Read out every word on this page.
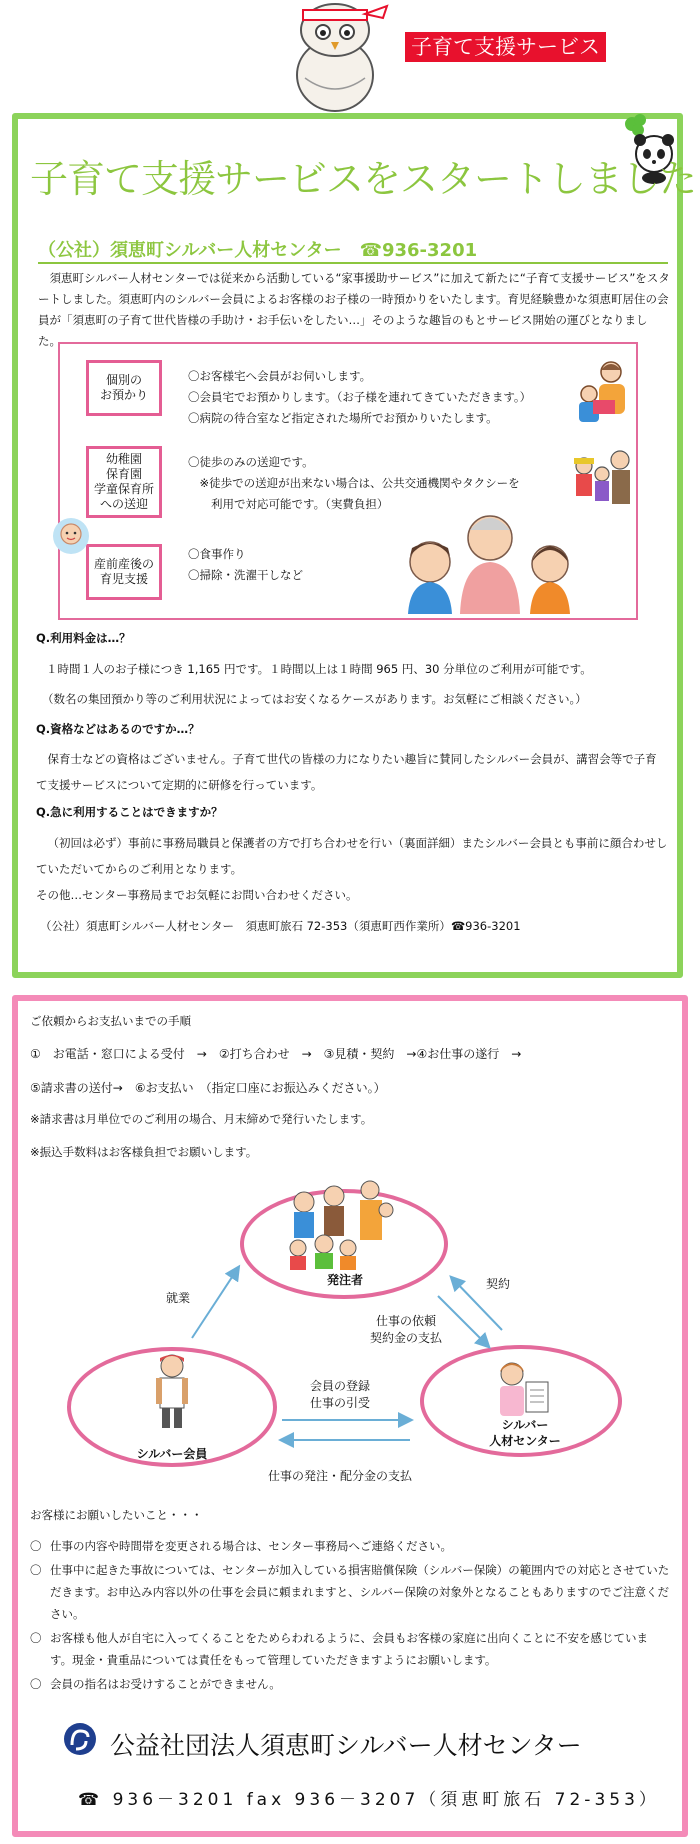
子育て支援サービス
子育て支援サービスをスタートしました
（公社）須恵町シルバー人材センター　☎936-3201
須恵町シルバー人材センターでは従来から活動している“家事援助サービス”に加えて新たに“子育て支援サービス”をスタートしました。須恵町内のシルバー会員によるお客様のお子様の一時預かりをいたします。育児経験豊かな須恵町居住の会員が「須恵町の子育て世代皆様の手助け・お手伝いをしたい…」そのような趣旨のもとサービス開始の運びとなりました。
個別の
お預かり
〇お客様宅へ会員がお伺いします。
〇会員宅でお預かりします。（お子様を連れてきていただきます。）
〇病院の待合室など指定された場所でお預かりいたします。
幼稚園
保育園
学童保育所
への送迎
〇徒歩のみの送迎です。
　※徒歩での送迎が出来ない場合は、公共交通機関やタクシーを
　　利用で対応可能です。（実費負担）
産前産後の
育児支援
〇食事作り
〇掃除・洗濯干しなど
Q.利用料金は…？
１時間１人のお子様につき 1,165 円です。１時間以上は１時間 965 円、30 分単位のご利用が可能です。
（数名の集団預かり等のご利用状況によってはお安くなるケースがあります。お気軽にご相談ください。）
Q.資格などはあるのですか…？
保育士などの資格はございません。子育て世代の皆様の力になりたい趣旨に賛同したシルバー会員が、講習会等で子育て支援サービスについて定期的に研修を行っています。
Q.急に利用することはできますか？
（初回は必ず）事前に事務局職員と保護者の方で打ち合わせを行い（裏面詳細）またシルバー会員とも事前に顔合わせしていただいてからのご利用となります。
その他…センター事務局までお気軽にお問い合わせください。
（公社）須恵町シルバー人材センター　須恵町旅石 72-353（須恵町西作業所）☎936-3201
ご依頼からお支払いまでの手順
①　お電話・窓口による受付　→　②打ち合わせ　→　③見積・契約　→④お仕事の遂行　→
⑤請求書の送付→　⑥お支払い　（指定口座にお振込みください。）
※請求書は月単位でのご利用の場合、月末締めで発行いたします。
※振込手数料はお客様負担でお願いします。
発注者
シルバー会員
シルバー
人材センター
就業
契約
仕事の依頼
契約金の支払
会員の登録
仕事の引受
仕事の発注・配分金の支払
お客様にお願いしたいこと・・・
〇 仕事の内容や時間帯を変更される場合は、センター事務局へご連絡ください。
〇 仕事中に起きた事故については、センターが加入している損害賠償保険（シルバー保険）の範囲内での対応とさせていただきます。お申込み内容以外の仕事を会員に頼まれますと、シルバー保険の対象外となることもありますのでご注意ください。
〇 お客様も他人が自宅に入ってくることをためらわれるように、会員もお客様の家庭に出向くことに不安を感じています。現金・貴重品については責任をもって管理していただきますようにお願いします。
〇 会員の指名はお受けすることができません。
公益社団法人須恵町シルバー人材センター
☎ 936－3201 fax 936－3207（須恵町旅石 72-353）
